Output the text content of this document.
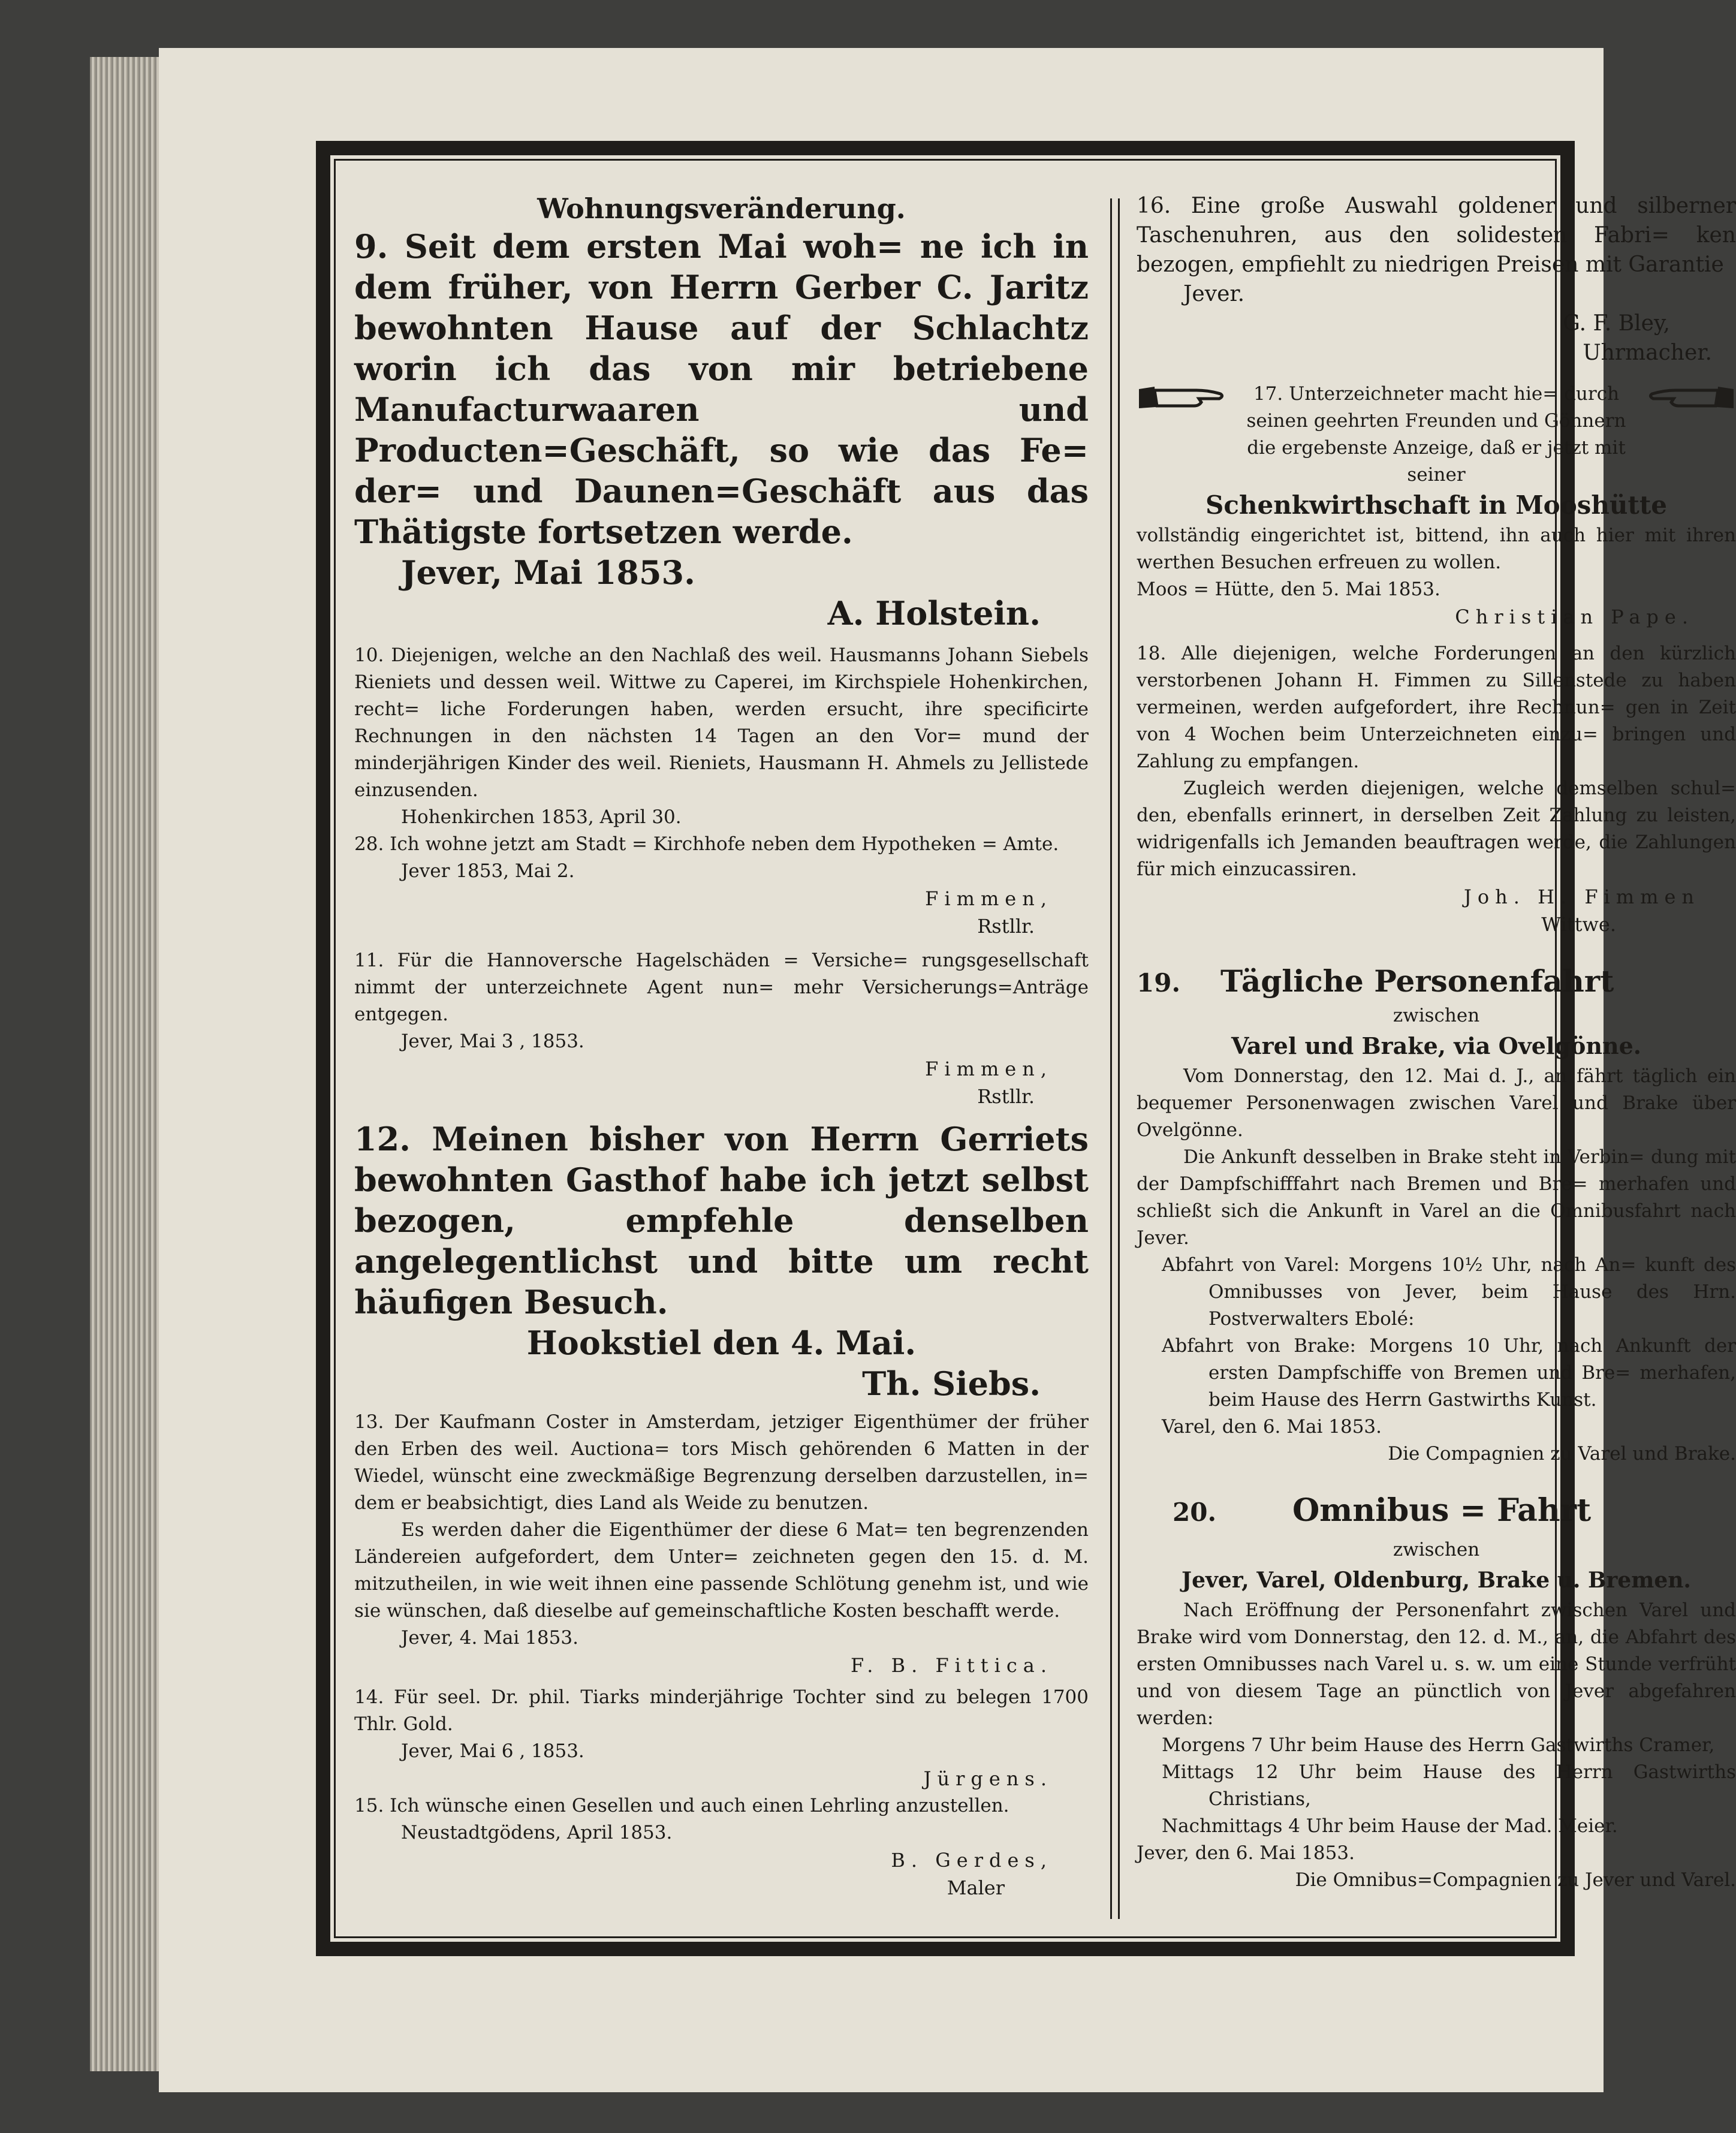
Wohnungsveränderung.

9. Seit dem ersten Mai woh= ne ich in dem früher, von Herrn Gerber C. Jaritz bewohnten Hause auf der Schlachtz worin ich das von mir betriebene Manufacturwaaren und Producten=Geschäft, so wie das Fe= der= und Daunen=Geschäft aus das Thätigste fortsetzen werde.

Jever, Mai 1853.

A. Holstein.

10. Diejenigen, welche an den Nachlaß des weil. Hausmanns Johann Siebels Rieniets und dessen weil. Wittwe zu Caperei, im Kirchspiele Hohenkirchen, recht= liche Forderungen haben, werden ersucht, ihre specificirte Rechnungen in den nächsten 14 Tagen an den Vor= mund der minderjährigen Kinder des weil. Rieniets, Hausmann H. Ahmels zu Jellistede einzusenden.

Hohenkirchen 1853, April 30.

28. Ich wohne jetzt am Stadt = Kirchhofe neben dem Hypotheken = Amte.

Jever 1853, Mai 2.

Fimmen,

Rstllr.

11. Für die Hannoversche Hagelschäden = Versiche= rungsgesellschaft nimmt der unterzeichnete Agent nun= mehr Versicherungs=Anträge entgegen.

Jever, Mai 3 , 1853.

Fimmen,

Rstllr.

12. Meinen bisher von Herrn Gerriets bewohnten Gasthof habe ich jetzt selbst bezogen, empfehle denselben angelegentlichst und bitte um recht häufigen Besuch.

Hookstiel den 4. Mai.

Th. Siebs.

13. Der Kaufmann Coster in Amsterdam, jetziger Eigenthümer der früher den Erben des weil. Auctiona= tors Misch gehörenden 6 Matten in der Wiedel, wünscht eine zweckmäßige Begrenzung derselben darzustellen, in= dem er beabsichtigt, dies Land als Weide zu benutzen.

Es werden daher die Eigenthümer der diese 6 Mat= ten begrenzenden Ländereien aufgefordert, dem Unter= zeichneten gegen den 15. d. M. mitzutheilen, in wie weit ihnen eine passende Schlötung genehm ist, und wie sie wünschen, daß dieselbe auf gemeinschaftliche Kosten beschafft werde.

Jever, 4. Mai 1853.

F. B. Fittica.

14. Für seel. Dr. phil. Tiarks minderjährige Tochter sind zu belegen 1700 Thlr. Gold.

Jever, Mai 6 , 1853.

Jürgens.

15. Ich wünsche einen Gesellen und auch einen Lehrling anzustellen.

Neustadtgödens, April 1853.

B. Gerdes,

Maler

16. Eine große Auswahl goldener und silberner Taschenuhren, aus den solidesten Fabri= ken bezogen, empfiehlt zu niedrigen Preisen mit Garantie

Jever.

G. F. Bley,

Uhrmacher.

17. Unterzeichneter macht hie= durch seinen geehrten Freunden und Gönnern die ergebenste Anzeige, daß er jetzt mit seiner

Schenkwirthschaft in Mooshütte

vollständig eingerichtet ist, bittend, ihn auch hier mit ihren werthen Besuchen erfreuen zu wollen.

Moos = Hütte, den 5. Mai 1853.

Christian Pape.

18. Alle diejenigen, welche Forderungen an den kürzlich verstorbenen Johann H. Fimmen zu Sillenstede zu haben vermeinen, werden aufgefordert, ihre Rechnun= gen in Zeit von 4 Wochen beim Unterzeichneten einzu= bringen und Zahlung zu empfangen.

Zugleich werden diejenigen, welche demselben schul= den, ebenfalls erinnert, in derselben Zeit Zahlung zu leisten, widrigenfalls ich Jemanden beauftragen werde, die Zahlungen für mich einzucassiren.

Joh. H. Fimmen

Wittwe.

19.	Tägliche Personenfahrt

zwischen

Varel und Brake, via Ovelgönne.

Vom Donnerstag, den 12. Mai d. J., an fährt täglich ein bequemer Personenwagen zwischen Varel und Brake über Ovelgönne.

Die Ankunft desselben in Brake steht in Verbin= dung mit der Dampfschifffahrt nach Bremen und Bre= merhafen und schließt sich die Ankunft in Varel an die Omnibusfahrt nach Jever.

Abfahrt von Varel: Morgens 10½ Uhr, nach An= kunft des Omnibusses von Jever, beim Hause des Hrn. Postverwalters Ebolé:

Abfahrt von Brake: Morgens 10 Uhr, nach Ankunft der ersten Dampfschiffe von Bremen und Bre= merhafen, beim Hause des Herrn Gastwirths Kunst.

Varel, den 6. Mai 1853.

Die Compagnien zu Varel und Brake.

20.	Omnibus = Fahrt

zwischen

Jever, Varel, Oldenburg, Brake u. Bremen.

Nach Eröffnung der Personenfahrt zwischen Varel und Brake wird vom Donnerstag, den 12. d. M., an, die Abfahrt des ersten Omnibusses nach Varel u. s. w. um eine Stunde verfrüht und von diesem Tage an pünctlich von Jever abgefahren werden:

Morgens 7 Uhr beim Hause des Herrn Gastwirths Cramer,

Mittags 12 Uhr beim Hause des Herrn Gastwirths Christians,

Nachmittags 4 Uhr beim Hause der Mad. Meier.

Jever, den 6. Mai 1853.

Die Omnibus=Compagnien zu Jever und Varel.
